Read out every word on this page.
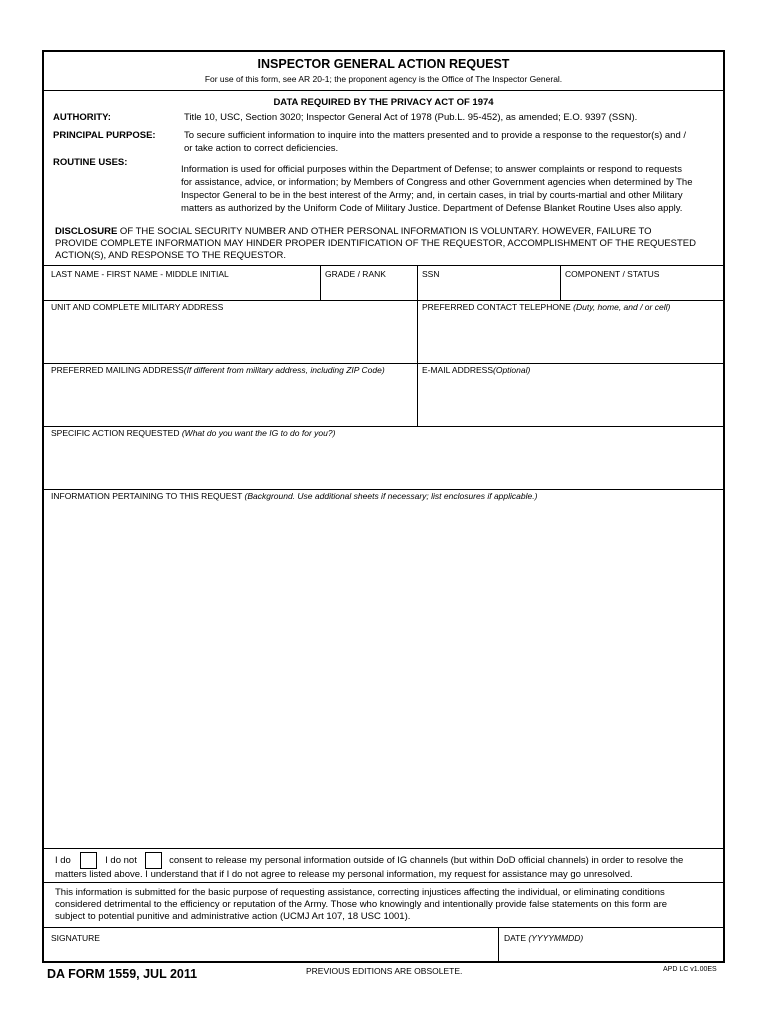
INSPECTOR GENERAL ACTION REQUEST
For use of this form, see AR 20-1; the proponent agency is the Office of The Inspector General.
DATA REQUIRED BY THE PRIVACY ACT OF 1974
AUTHORITY:	Title 10, USC, Section 3020; Inspector General Act of 1978 (Pub.L. 95-452), as amended; E.O. 9397 (SSN).
PRINCIPAL PURPOSE:	To secure sufficient information to inquire into the matters presented and to provide a response to the requestor(s) and /
or take action to correct deficiencies.
ROUTINE USES:
Information is used for official purposes within the Department of Defense; to answer complaints or respond to requests
for assistance, advice, or information; by Members of Congress and other Government agencies when determined by The
Inspector General to be in the best interest of the Army; and, in certain cases, in trial by courts-martial and other Military
matters as authorized by the Uniform Code of Military Justice. Department of Defense Blanket Routine Uses also apply.
DISCLOSURE OF THE SOCIAL SECURITY NUMBER AND OTHER PERSONAL INFORMATION IS VOLUNTARY. HOWEVER, FAILURE TO
PROVIDE COMPLETE INFORMATION MAY HINDER PROPER IDENTIFICATION OF THE REQUESTOR, ACCOMPLISHMENT OF THE REQUESTED
ACTION(S), AND RESPONSE TO THE REQUESTOR.
LAST NAME - FIRST NAME - MIDDLE INITIAL	GRADE / RANK	SSN	COMPONENT / STATUS
UNIT AND COMPLETE MILITARY ADDRESS	PREFERRED CONTACT TELEPHONE (Duty, home, and / or cell)
PREFERRED MAILING ADDRESS(If different from military address, including ZIP Code)	E-MAIL ADDRESS(Optional)
SPECIFIC ACTION REQUESTED (What do you want the IG to do for you?)
INFORMATION PERTAINING TO THIS REQUEST (Background. Use additional sheets if necessary; list enclosures if applicable.)
I do	I do not	consent to release my personal information outside of IG channels (but within DoD official channels) in order to resolve the
matters listed above. I understand that if I do not agree to release my personal information, my request for assistance may go unresolved.
This information is submitted for the basic purpose of requesting assistance, correcting injustices affecting the individual, or eliminating conditions
considered detrimental to the efficiency or reputation of the Army. Those who knowingly and intentionally provide false statements on this form are
subject to potential punitive and administrative action (UCMJ Art 107, 18 USC 1001).
SIGNATURE	DATE (YYYYMMDD)
DA FORM 1559, JUL 2011	PREVIOUS EDITIONS ARE OBSOLETE.	APD LC v1.00ES
